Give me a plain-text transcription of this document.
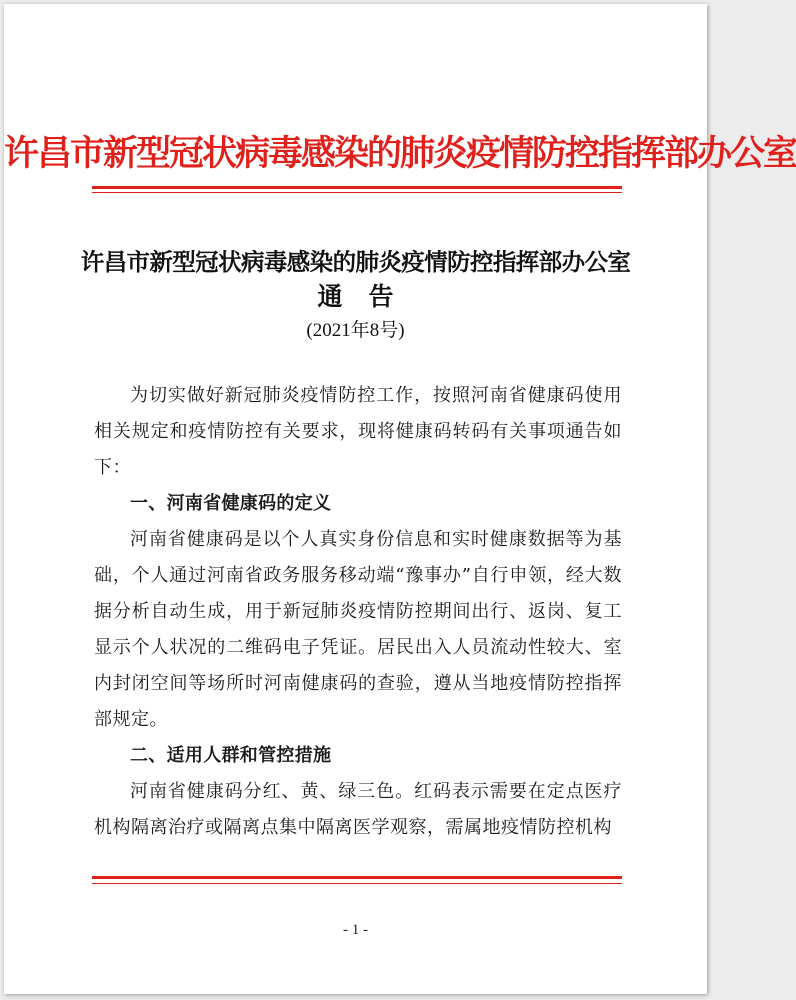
许昌市新型冠状病毒感染的肺炎疫情防控指挥部办公室
许昌市新型冠状病毒感染的肺炎疫情防控指挥部办公室
通告
(2021年8号)

为切实做好新冠肺炎疫情防控工作，按照河南省健康码使用相关规定和疫情防控有关要求，现将健康码转码有关事项通告如下：

一、河南省健康码的定义

河南省健康码是以个人真实身份信息和实时健康数据等为基础，个人通过河南省政务服务移动端“豫事办”自行申领，经大数据分析自动生成，用于新冠肺炎疫情防控期间出行、返岗、复工显示个人状况的二维码电子凭证。居民出入人员流动性较大、室内封闭空间等场所时河南健康码的查验，遵从当地疫情防控指挥部规定。

二、适用人群和管控措施

河南省健康码分红、黄、绿三色。红码表示需要在定点医疗机构隔离治疗或隔离点集中隔离医学观察，需属地疫情防控机构

- 1 -
